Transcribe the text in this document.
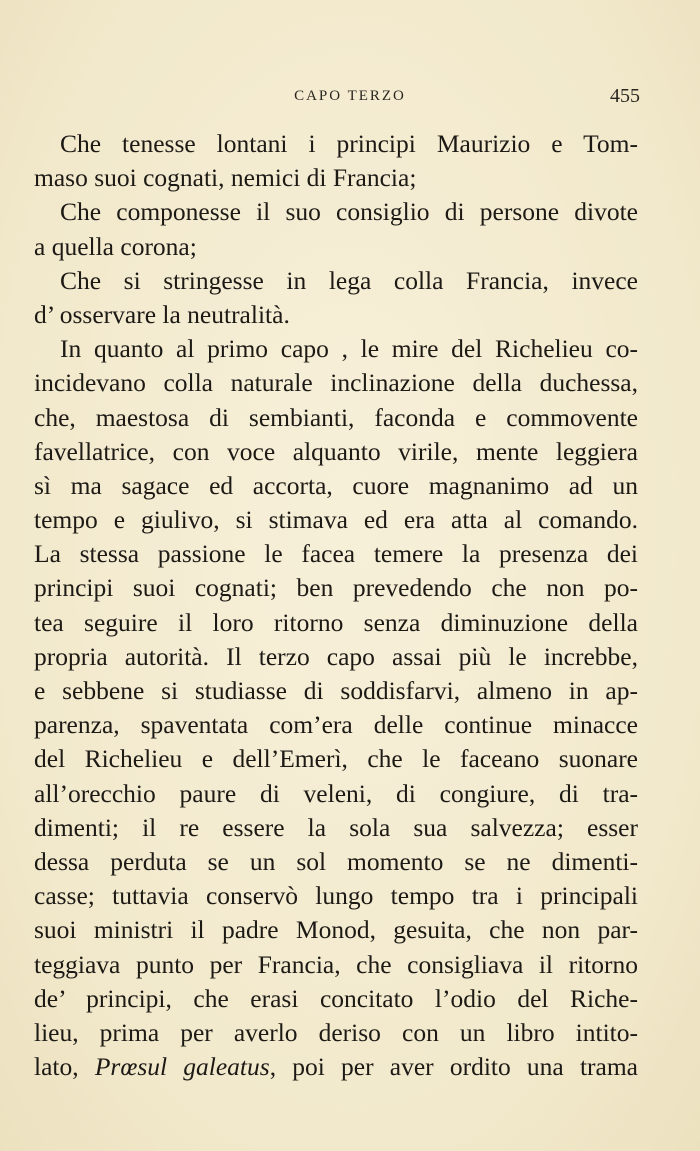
CAPO TERZO	455
Che tenesse lontani i principi Maurizio e Tom-
maso suoi cognati, nemici di Francia;
Che componesse il suo consiglio di persone divote
a quella corona;
Che si stringesse in lega colla Francia, invece
d’ osservare la neutralità.
In quanto al primo capo , le mire del Richelieu co-
incidevano colla naturale inclinazione della duchessa,
che, maestosa di sembianti, faconda e commovente
favellatrice, con voce alquanto virile, mente leggiera
sì ma sagace ed accorta, cuore magnanimo ad un
tempo e giulivo, si stimava ed era atta al comando.
La stessa passione le facea temere la presenza dei
principi suoi cognati; ben prevedendo che non po-
tea seguire il loro ritorno senza diminuzione della
propria autorità. Il terzo capo assai più le increbbe,
e sebbene si studiasse di soddisfarvi, almeno in ap-
parenza, spaventata com’era delle continue minacce
del Richelieu e dell’Emerì, che le faceano suonare
all’orecchio paure di veleni, di congiure, di tra-
dimenti; il re essere la sola sua salvezza; esser
dessa perduta se un sol momento se ne dimenti-
casse; tuttavia conservò lungo tempo tra i principali
suoi ministri il padre Monod, gesuita, che non par-
teggiava punto per Francia, che consigliava il ritorno
de’ principi, che erasi concitato l’odio del Riche-
lieu, prima per averlo deriso con un libro intito-
lato, Prœsul galeatus, poi per aver ordito una trama
